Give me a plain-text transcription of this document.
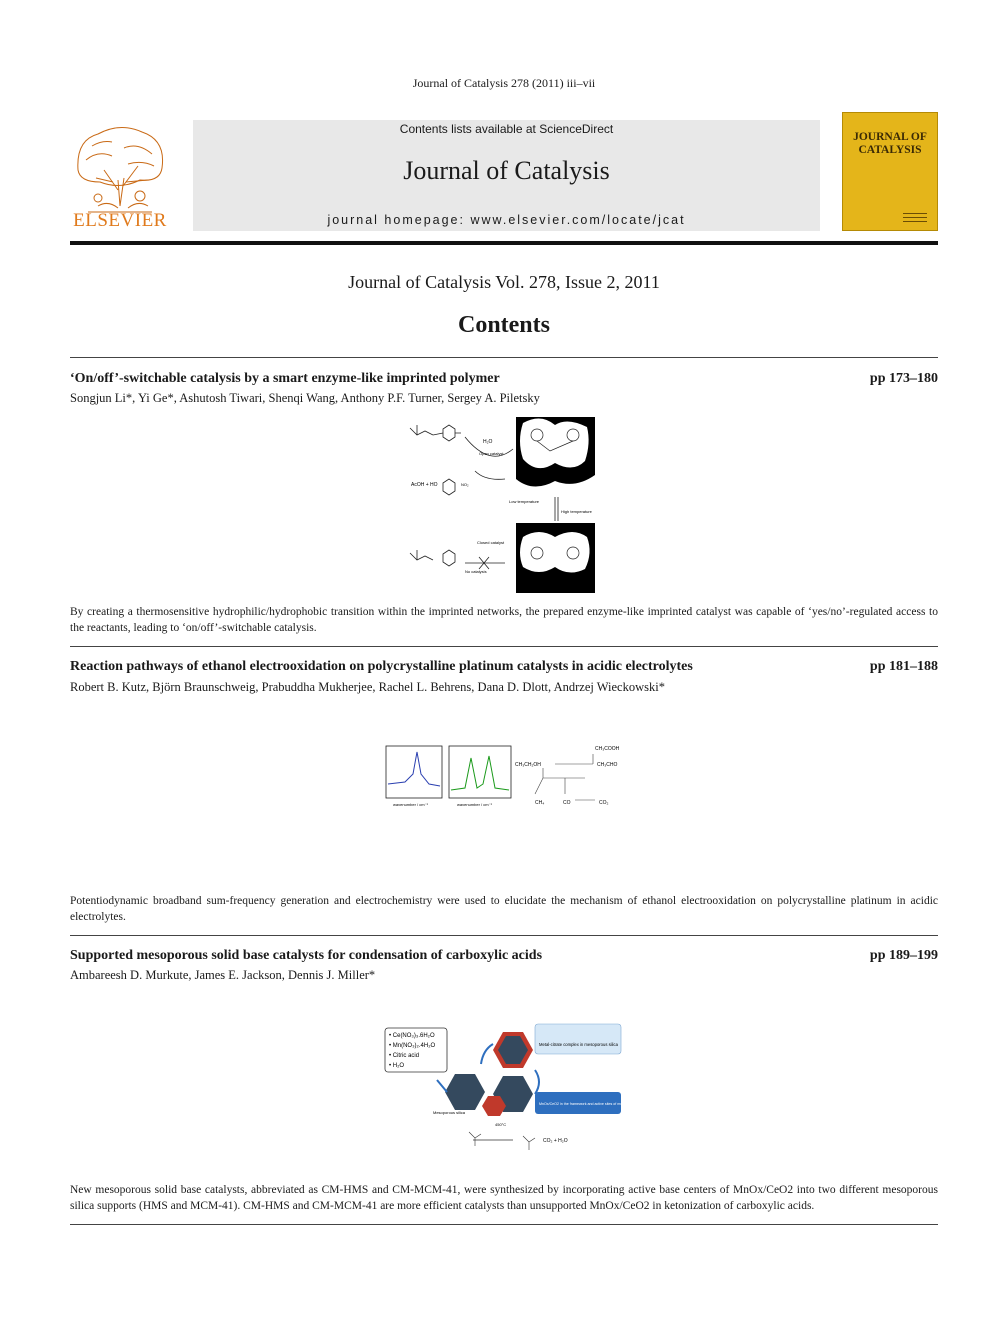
Journal of Catalysis 278 (2011) iii–vii
ELSEVIER
Contents lists available at ScienceDirect
Journal of Catalysis
journal homepage: www.elsevier.com/locate/jcat
JOURNAL OF
CATALYSIS
Journal of Catalysis Vol. 278, Issue 2, 2011
Contents
‘On/off’-switchable catalysis by a smart enzyme-like imprinted polymer	pp 173–180
Songjun Li*, Yi Ge*, Ashutosh Tiwari, Shenqi Wang, Anthony P.F. Turner, Sergey A. Piletsky
H₂O
Open catalyst
AcOH + HO	NO₂
Low temperature
High temperature
Closed catalyst
No catalysis
By creating a thermosensitive hydrophilic/hydrophobic transition within the imprinted networks, the prepared enzyme-like imprinted catalyst was capable of ‘yes/no’-regulated access to the reactants, leading to ‘on/off’-switchable catalysis.
Reaction pathways of ethanol electrooxidation on polycrystalline platinum catalysts in acidic electrolytes	pp 181–188
Robert B. Kutz, Björn Braunschweig, Prabuddha Mukherjee, Rachel L. Behrens, Dana D. Dlott, Andrzej Wieckowski*
wavenumber / cm⁻¹	wavenumber / cm⁻¹
CH₃COOH
CH₃CHO
CH₃CH₂OH
CH₄	CO	CO₂
Potentiodynamic broadband sum-frequency generation and electrochemistry were used to elucidate the mechanism of ethanol electrooxidation on polycrystalline platinum in acidic electrolytes.
Supported mesoporous solid base catalysts for condensation of carboxylic acids	pp 189–199
Ambareesh D. Murkute, James E. Jackson, Dennis J. Miller*
• Ce(NO₃)₃.6H₂O
• Mn(NO₃)₂.4H₂O
• Citric acid
• H₂O
Metal-citrate complex in mesoporous silica
MnOx/CeO2 in the framework and active sites of mesoporous silica
Mesoporous silica
450°C
CO₂ + H₂O
New mesoporous solid base catalysts, abbreviated as CM-HMS and CM-MCM-41, were synthesized by incorporating active base centers of MnOx/CeO2 into two different mesoporous silica supports (HMS and MCM-41). CM-HMS and CM-MCM-41 are more efficient catalysts than unsupported MnOx/CeO2 in ketonization of carboxylic acids.
